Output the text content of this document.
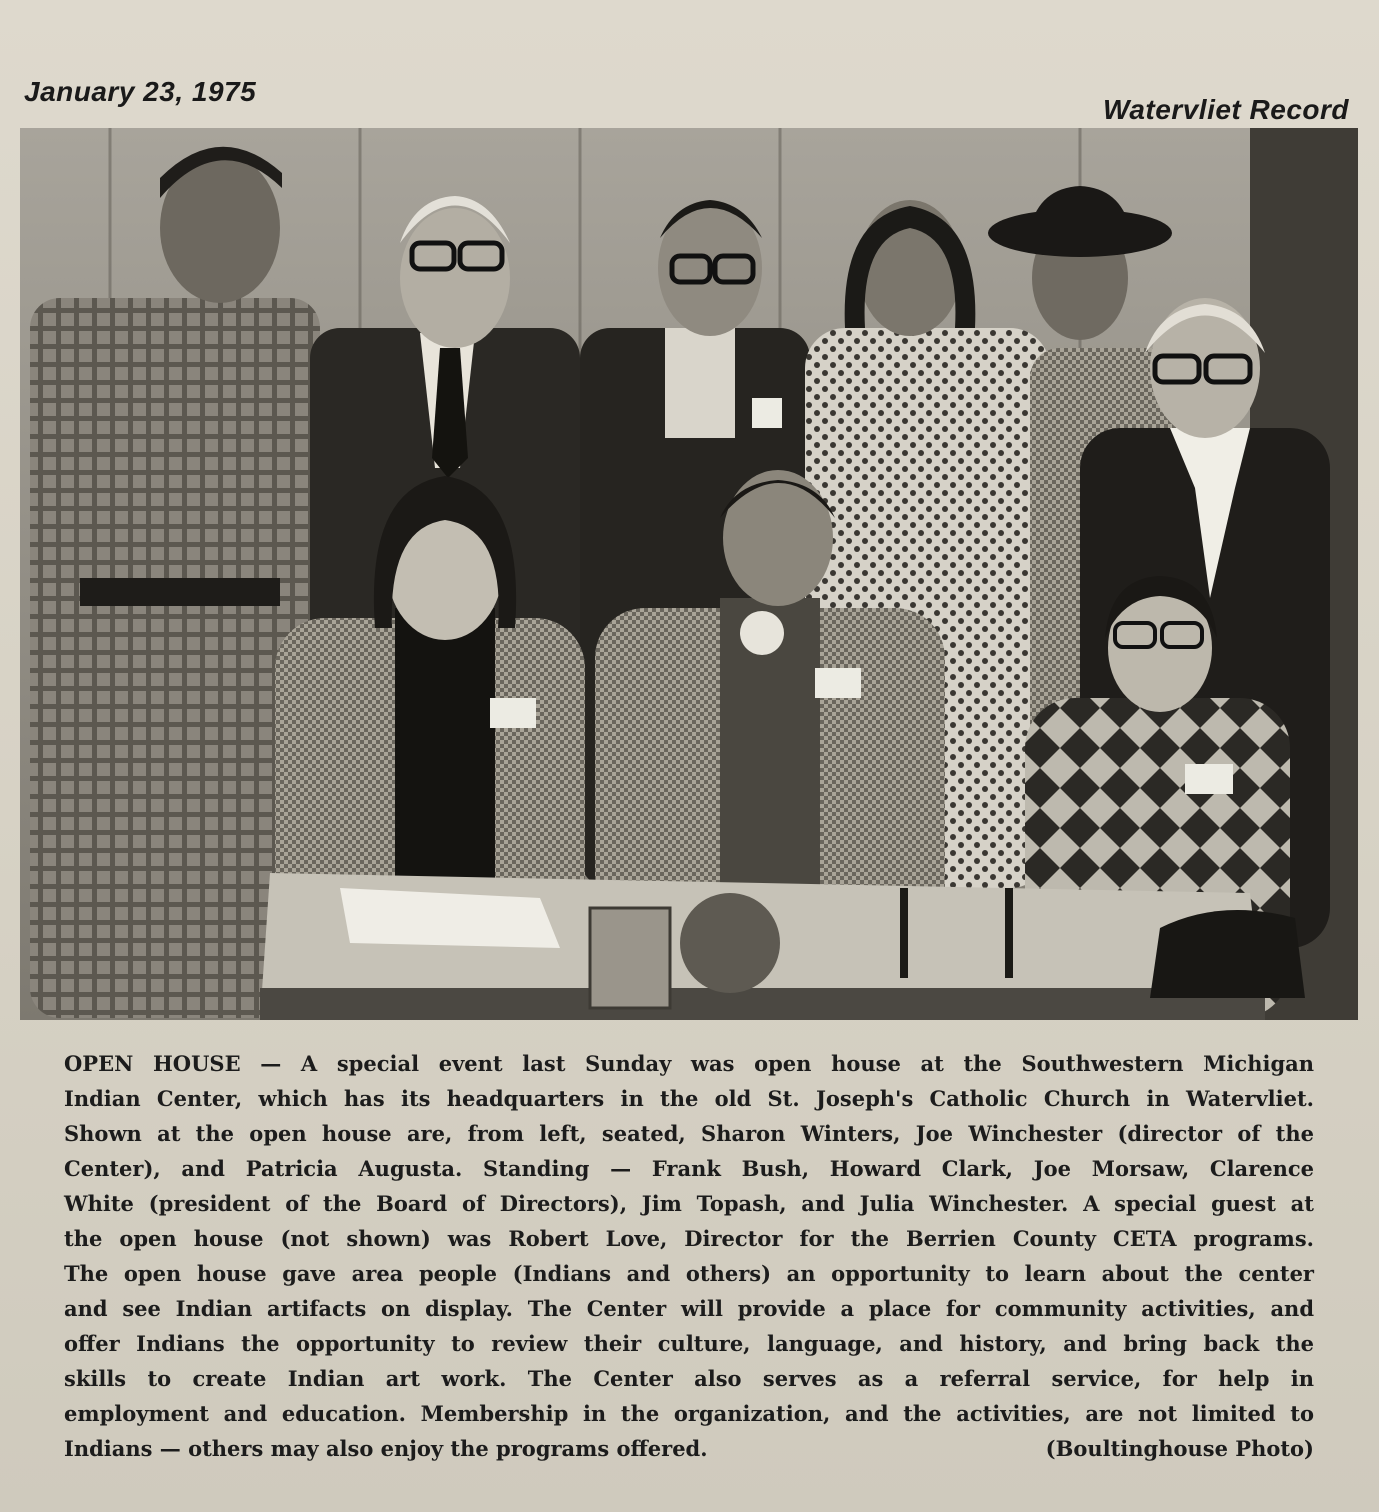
January 23, 1975
Watervliet Record
OPEN HOUSE — A special event last Sunday was open house at the Southwestern Michigan
Indian Center, which has its headquarters in the old St. Joseph's Catholic Church in Watervliet.
Shown at the open house are, from left, seated, Sharon Winters, Joe Winchester (director of the
Center), and Patricia Augusta. Standing — Frank Bush, Howard Clark, Joe Morsaw, Clarence
White (president of the Board of Directors), Jim Topash, and Julia Winchester. A special guest at
the open house (not shown) was Robert Love, Director for the Berrien County CETA programs.
The open house gave area people (Indians and others) an opportunity to learn about the center
and see Indian artifacts on display. The Center will provide a place for community activities, and
offer Indians the opportunity to review their culture, language, and history, and bring back the
skills to create Indian art work. The Center also serves as a referral service, for help in
employment and education. Membership in the organization, and the activities, are not limited to
Indians — others may also enjoy the programs offered.	(Boultinghouse Photo)
